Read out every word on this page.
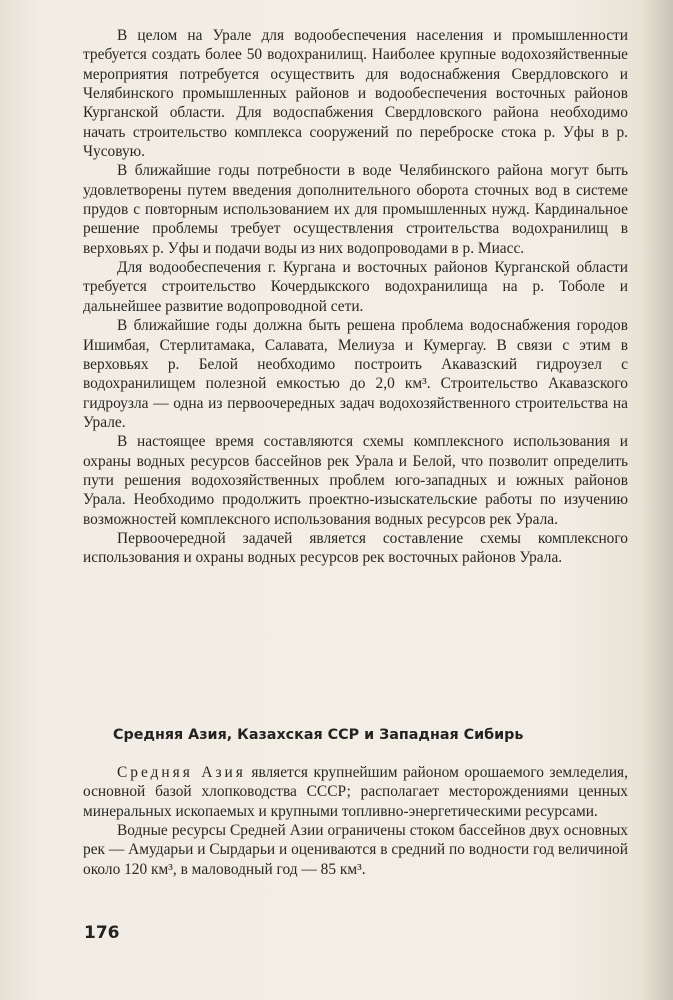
В целом на Урале для водообеспечения населения и промышленности требуется создать более 50 водохранилищ. Наиболее крупные водохозяйственные мероприятия потребуется осуществить для водоснабжения Свердловского и Челябинского промышленных районов и водообеспечения восточных районов Курганской области. Для водоспабжения Свердловского района необходимо начать строительство комплекса сооружений по переброске стока р. Уфы в р. Чусовую.

В ближайшие годы потребности в воде Челябинского района могут быть удовлетворены путем введения дополнительного оборота сточных вод в системе прудов с повторным использованием их для промышленных нужд. Кардинальное решение проблемы требует осуществления строительства водохранилищ в верховьях р. Уфы и подачи воды из них водопроводами в р. Миасс.

Для водообеспечения г. Кургана и восточных районов Курганской области требуется строительство Кочердыкского водохранилища на р. Тоболе и дальнейшее развитие водопроводной сети.

В ближайшие годы должна быть решена проблема водоснабжения городов Ишимбая, Стерлитамака, Салавата, Мелиуза и Кумергау. В связи с этим в верховьях р. Белой необходимо построить Акавазский гидроузел с водохранилищем полезной емкостью до 2,0 км³. Строительство Акавазского гидроузла — одна из первоочередных задач водохозяйственного строительства на Урале.

В настоящее время составляются схемы комплексного использования и охраны водных ресурсов бассейнов рек Урала и Белой, что позволит определить пути решения водохозяйственных проблем юго-западных и южных районов Урала. Необходимо продолжить проектно-изыскательские работы по изучению возможностей комплексного использования водных ресурсов рек Урала.

Первоочередной задачей является составление схемы комплексного использования и охраны водных ресурсов рек восточных районов Урала.

Средняя Азия, Казахская ССР и Западная Сибирь

Средняя Азия является крупнейшим районом орошаемого земледелия, основной базой хлопководства СССР; располагает месторождениями ценных минеральных ископаемых и крупными топливно-энергетическими ресурсами.

Водные ресурсы Средней Азии ограничены стоком бассейнов двух основных рек — Амударьи и Сырдарьи и оцениваются в средний по водности год величиной около 120 км³, в маловодный год — 85 км³.

176
